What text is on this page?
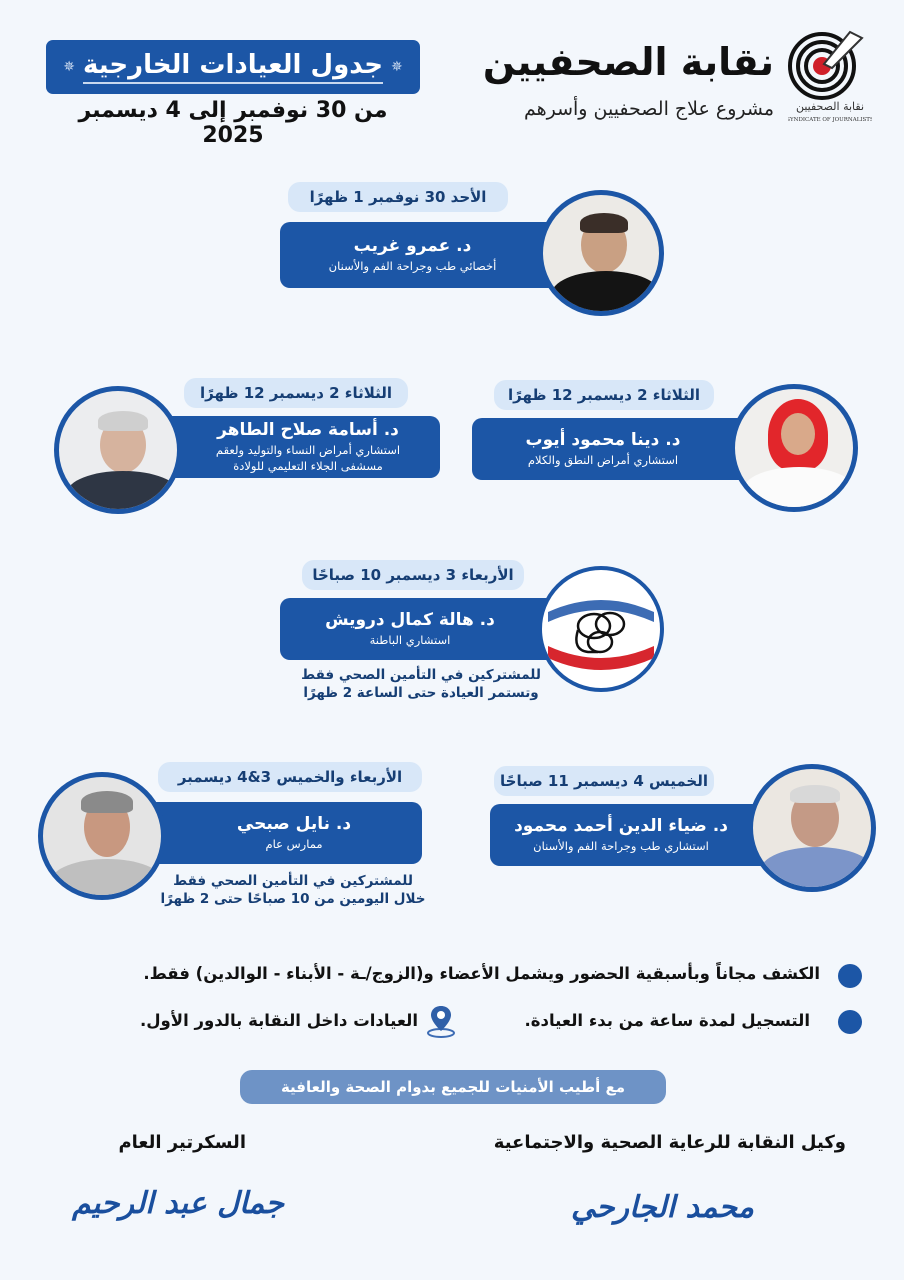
نقابة الصحفيين
SYNDICATE OF JOURNALISTS
نقابة الصحفيين
مشروع علاج الصحفيين وأسرهم
✵
جدول العيادات الخارجية
✵
من 30 نوفمبر إلى 4 ديسمبر 2025
الأحد 30 نوفمبر 1 ظهرًا
د. عمرو غريب
أخصائي طب وجراحة الفم والأسنان
الثلاثاء 2 ديسمبر 12 ظهرًا
د. دينا محمود أيوب
استشاري أمراض النطق والكلام
الثلاثاء 2 ديسمبر 12 ظهرًا
د. أسامة صلاح الطاهر
استشاري أمراض النساء والتوليد ولعقم
مسشفى الجلاء التعليمي للولادة
الأربعاء 3 ديسمبر 10 صباحًا
د. هالة كمال درويش
استشاري الباطنة
للمشتركين في التأمين الصحي فقط
وتستمر العيادة حتى الساعة 2 ظهرًا
الخميس 4 ديسمبر 11 صباحًا
د. ضياء الدين أحمد محمود
استشاري طب وجراحة الفم والأسنان
الأربعاء والخميس 3&4 ديسمبر
د. نايل صبحي
ممارس عام
للمشتركين في التأمين الصحي فقط
خلال اليومين من 10 صباحًا حتى 2 ظهرًا
الكشف مجاناً وبأسبقية الحضور ويشمل الأعضاء و(الزوج/ـة - الأبناء - الوالدين) فقط.
التسجيل لمدة ساعة من بدء العيادة.
العيادات داخل النقابة بالدور الأول.
مع أطيب الأمنيات للجميع بدوام الصحة والعافية
وكيل النقابة للرعاية الصحية والاجتماعية
السكرتير العام
محمد الجارحي
جمال عبد الرحيم
